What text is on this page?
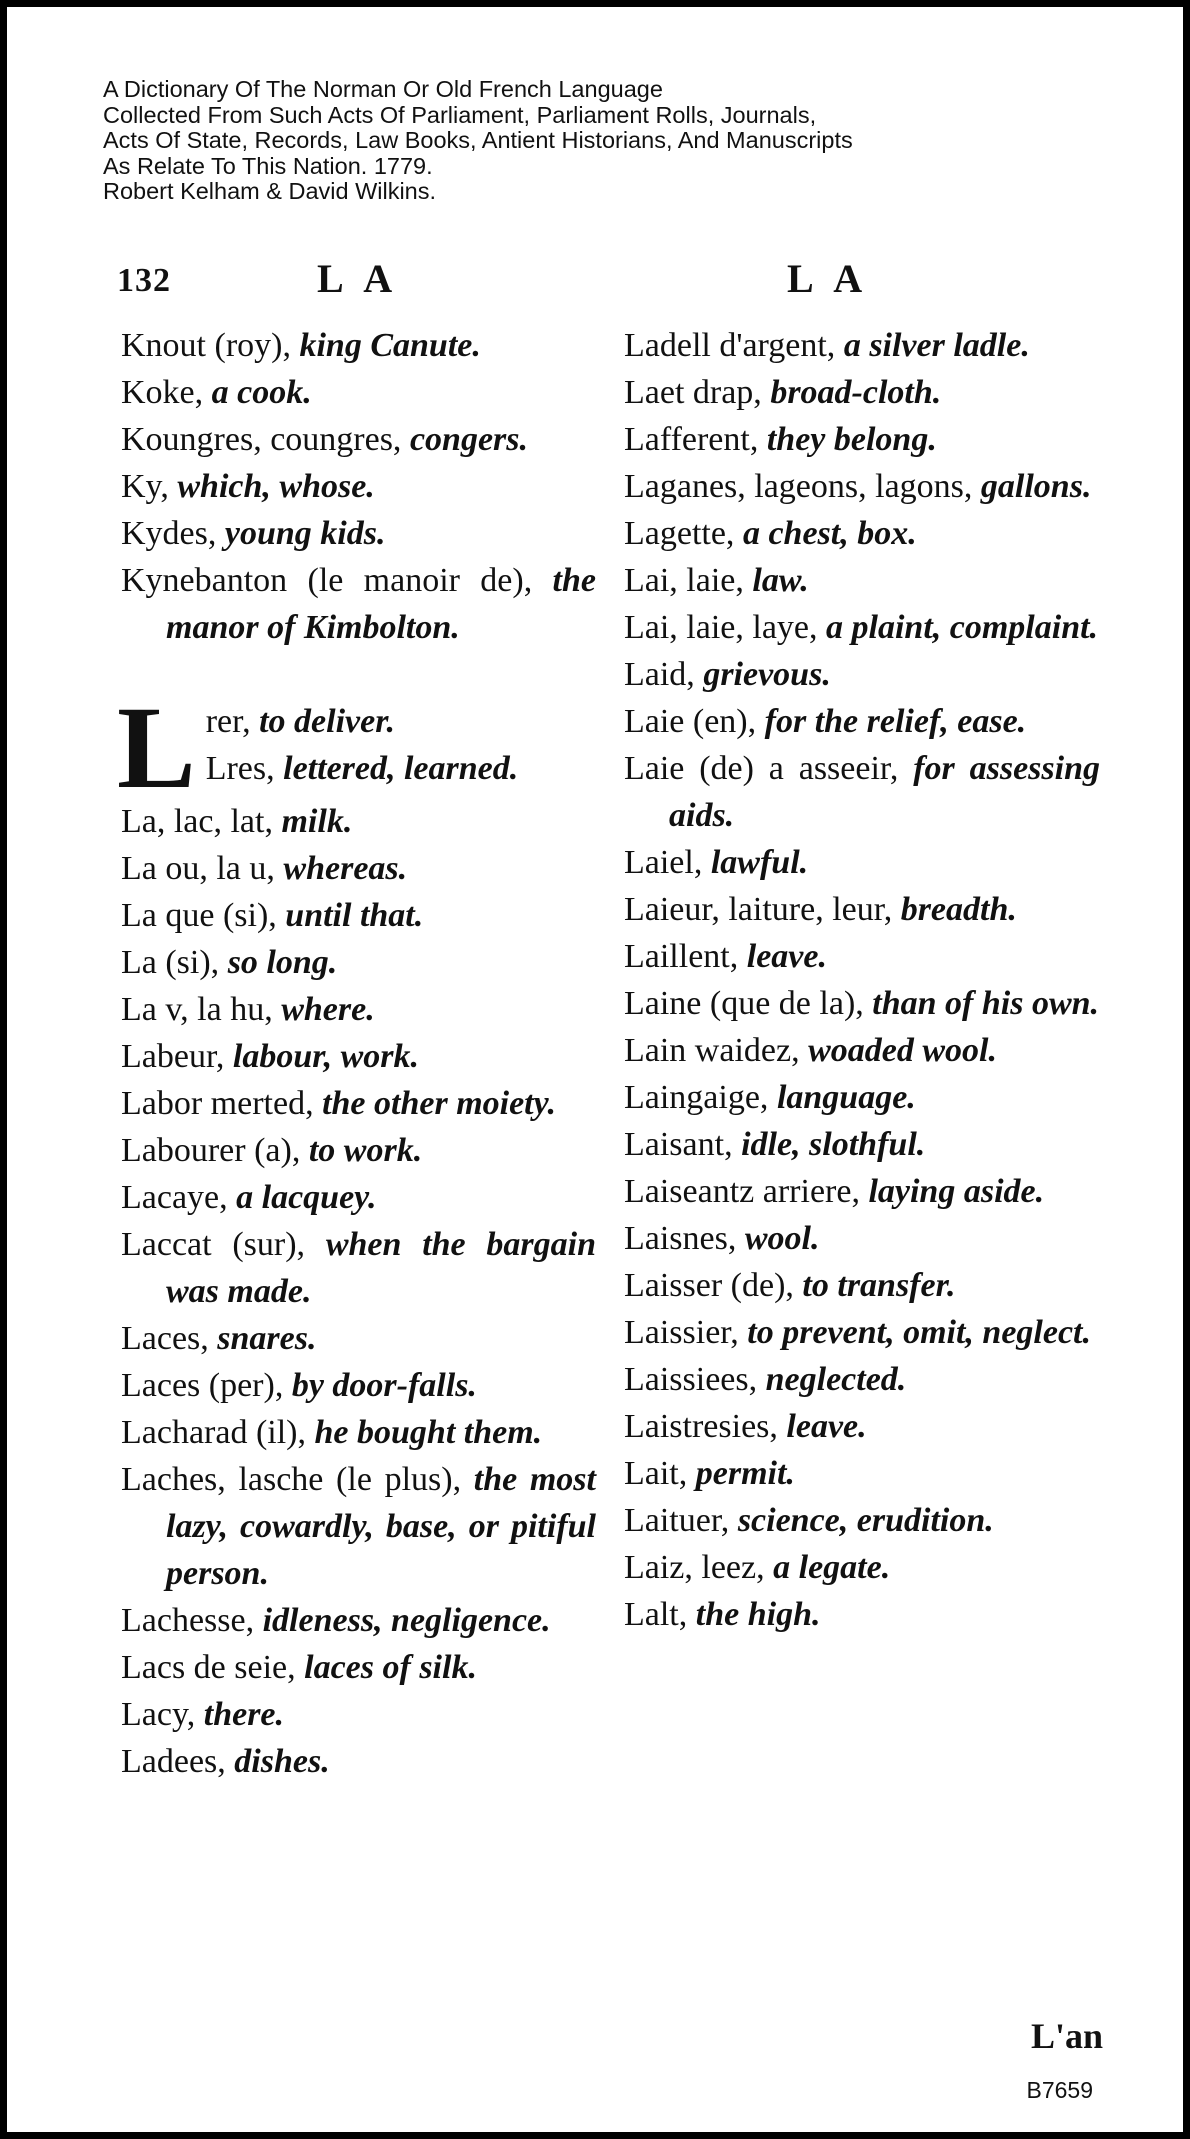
A Dictionary Of The Norman Or Old French Language
Collected From Such Acts Of Parliament, Parliament Rolls, Journals,
Acts Of State, Records, Law Books, Antient Historians, And Manuscripts
As Relate To This Nation. 1779.
Robert Kelham & David Wilkins.
132	L A	L A
Knout (roy), king Canute.
Koke, a cook.
Koungres, coungres, congers.
Ky, which, whose.
Kydes, young kids.
Kynebanton (le manoir de), the manor of Kimbolton.
L rer, to deliver.
Lres, lettered, learned.
La, lac, lat, milk.
La ou, la u, whereas.
La que (si), until that.
La (si), so long.
La v, la hu, where.
Labeur, labour, work.
Labor merted, the other moiety.
Labourer (a), to work.
Lacaye, a lacquey.
Laccat (sur), when the bargain was made.
Laces, snares.
Laces (per), by door-falls.
Lacharad (il), he bought them.
Laches, lasche (le plus), the most lazy, cowardly, base, or pitiful person.
Lachesse, idleness, negligence.
Lacs de seie, laces of silk.
Lacy, there.
Ladees, dishes.
Ladell d'argent, a silver ladle.
Laet drap, broad-cloth.
Lafferent, they belong.
Laganes, lageons, lagons, gallons.
Lagette, a chest, box.
Lai, laie, law.
Lai, laie, laye, a plaint, complaint.
Laid, grievous.
Laie (en), for the relief, ease.
Laie (de) a asseeir, for assessing aids.
Laiel, lawful.
Laieur, laiture, leur, breadth.
Laillent, leave.
Laine (que de la), than of his own.
Lain waidez, woaded wool.
Laingaige, language.
Laisant, idle, slothful.
Laiseantz arriere, laying aside.
Laisnes, wool.
Laisser (de), to transfer.
Laissier, to prevent, omit, neglect.
Laissiees, neglected.
Laistresies, leave.
Lait, permit.
Laituer, science, erudition.
Laiz, leez, a legate.
Lalt, the high.
L'an
B7659
